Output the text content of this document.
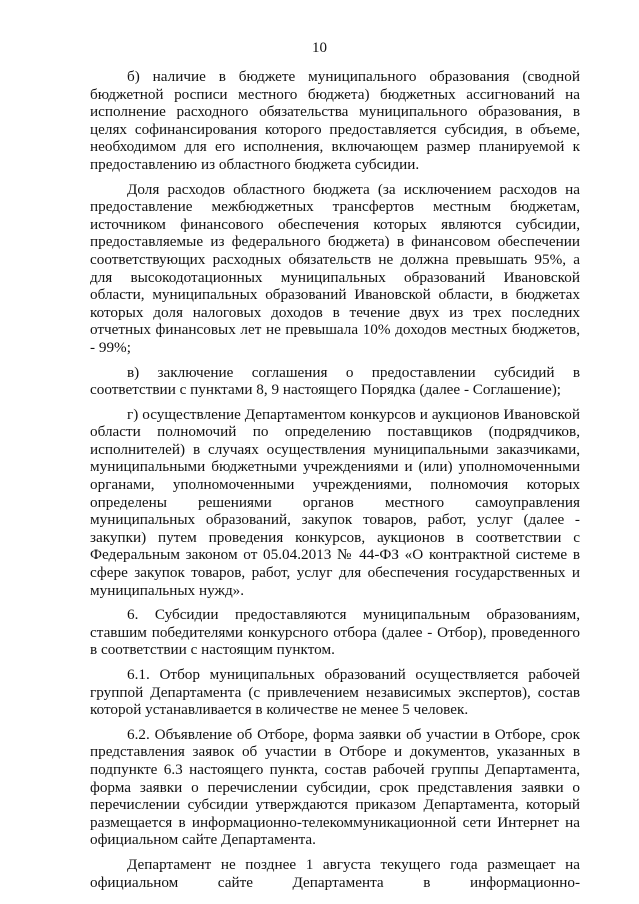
10

б) наличие в бюджете муниципального образования (сводной бюджетной росписи местного бюджета) бюджетных ассигнований на исполнение расходного обязательства муниципального образования, в целях софинансирования которого предоставляется субсидия, в объеме, необходимом для его исполнения, включающем размер планируемой к предоставлению из областного бюджета субсидии.

Доля расходов областного бюджета (за исключением расходов на предоставление межбюджетных трансфертов местным бюджетам, источником финансового обеспечения которых являются субсидии, предоставляемые из федерального бюджета) в финансовом обеспечении соответствующих расходных обязательств не должна превышать 95%, а для высокодотационных муниципальных образований Ивановской области, муниципальных образований Ивановской области, в бюджетах которых доля налоговых доходов в течение двух из трех последних отчетных финансовых лет не превышала 10% доходов местных бюджетов, - 99%;

в) заключение соглашения о предоставлении субсидий в соответствии с пунктами 8, 9 настоящего Порядка (далее - Соглашение);

г) осуществление Департаментом конкурсов и аукционов Ивановской области полномочий по определению поставщиков (подрядчиков, исполнителей) в случаях осуществления муниципальными заказчиками, муниципальными бюджетными учреждениями и (или) уполномоченными органами, уполномоченными учреждениями, полномочия которых определены решениями органов местного самоуправления муниципальных образований, закупок товаров, работ, услуг (далее - закупки) путем проведения конкурсов, аукционов в соответствии с Федеральным законом от 05.04.2013 № 44-ФЗ «О контрактной системе в сфере закупок товаров, работ, услуг для обеспечения государственных и муниципальных нужд».

6. Субсидии предоставляются муниципальным образованиям, ставшим победителями конкурсного отбора (далее - Отбор), проведенного в соответствии с настоящим пунктом.

6.1. Отбор муниципальных образований осуществляется рабочей группой Департамента (с привлечением независимых экспертов), состав которой устанавливается в количестве не менее 5 человек.

6.2. Объявление об Отборе, форма заявки об участии в Отборе, срок представления заявок об участии в Отборе и документов, указанных в подпункте 6.3 настоящего пункта, состав рабочей группы Департамента, форма заявки о перечислении субсидии, срок представления заявки о перечислении субсидии утверждаются приказом Департамента, который размещается в информационно-телекоммуникационной сети Интернет на официальном сайте Департамента.

Департамент не позднее 1 августа текущего года размещает на официальном сайте Департамента в информационно-
